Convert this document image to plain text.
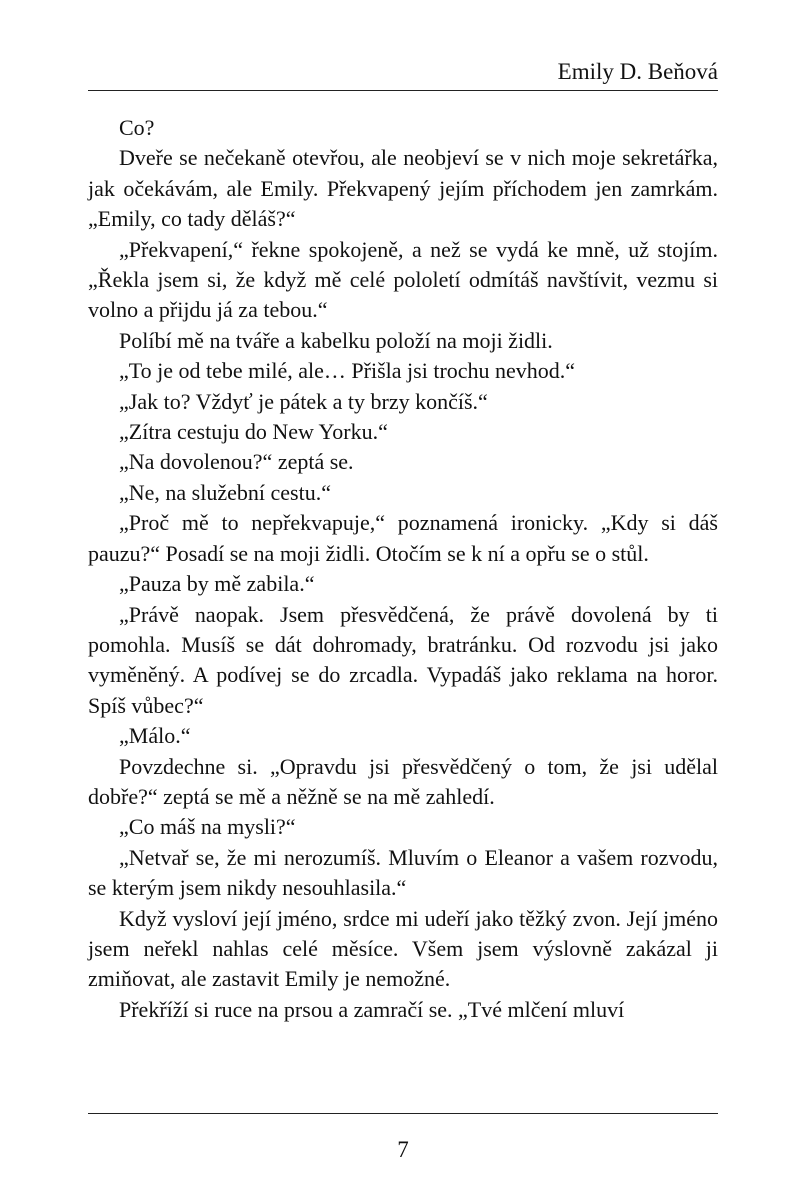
Emily D. Beňová

Co?

Dveře se nečekaně otevřou, ale neobjeví se v nich moje sekretářka, jak očekávám, ale Emily. Překvapený jejím příchodem jen zamrkám. „Emily, co tady děláš?“

„Překvapení,“ řekne spokojeně, a než se vydá ke mně, už stojím. „Řekla jsem si, že když mě celé pololetí odmítáš navštívit, vezmu si volno a přijdu já za tebou.“

Políbí mě na tváře a kabelku položí na moji židli.

„To je od tebe milé, ale… Přišla jsi trochu nevhod.“

„Jak to? Vždyť je pátek a ty brzy končíš.“

„Zítra cestuju do New Yorku.“

„Na dovolenou?“ zeptá se.

„Ne, na služební cestu.“

„Proč mě to nepřekvapuje,“ poznamená ironicky. „Kdy si dáš pauzu?“ Posadí se na moji židli. Otočím se k ní a opřu se o stůl.

„Pauza by mě zabila.“

„Právě naopak. Jsem přesvědčená, že právě dovolená by ti pomohla. Musíš se dát dohromady, bratránku. Od rozvodu jsi jako vyměněný. A podívej se do zrcadla. Vypadáš jako reklama na horor. Spíš vůbec?“

„Málo.“

Povzdechne si. „Opravdu jsi přesvědčený o tom, že jsi udělal dobře?“ zeptá se mě a něžně se na mě zahledí.

„Co máš na mysli?“

„Netvař se, že mi nerozumíš. Mluvím o Eleanor a vašem rozvodu, se kterým jsem nikdy nesouhlasila.“

Když vysloví její jméno, srdce mi udeří jako těžký zvon. Její jméno jsem neřekl nahlas celé měsíce. Všem jsem výslovně zakázal ji zmiňovat, ale zastavit Emily je nemožné.

Překříží si ruce na prsou a zamračí se. „Tvé mlčení mluví

7
